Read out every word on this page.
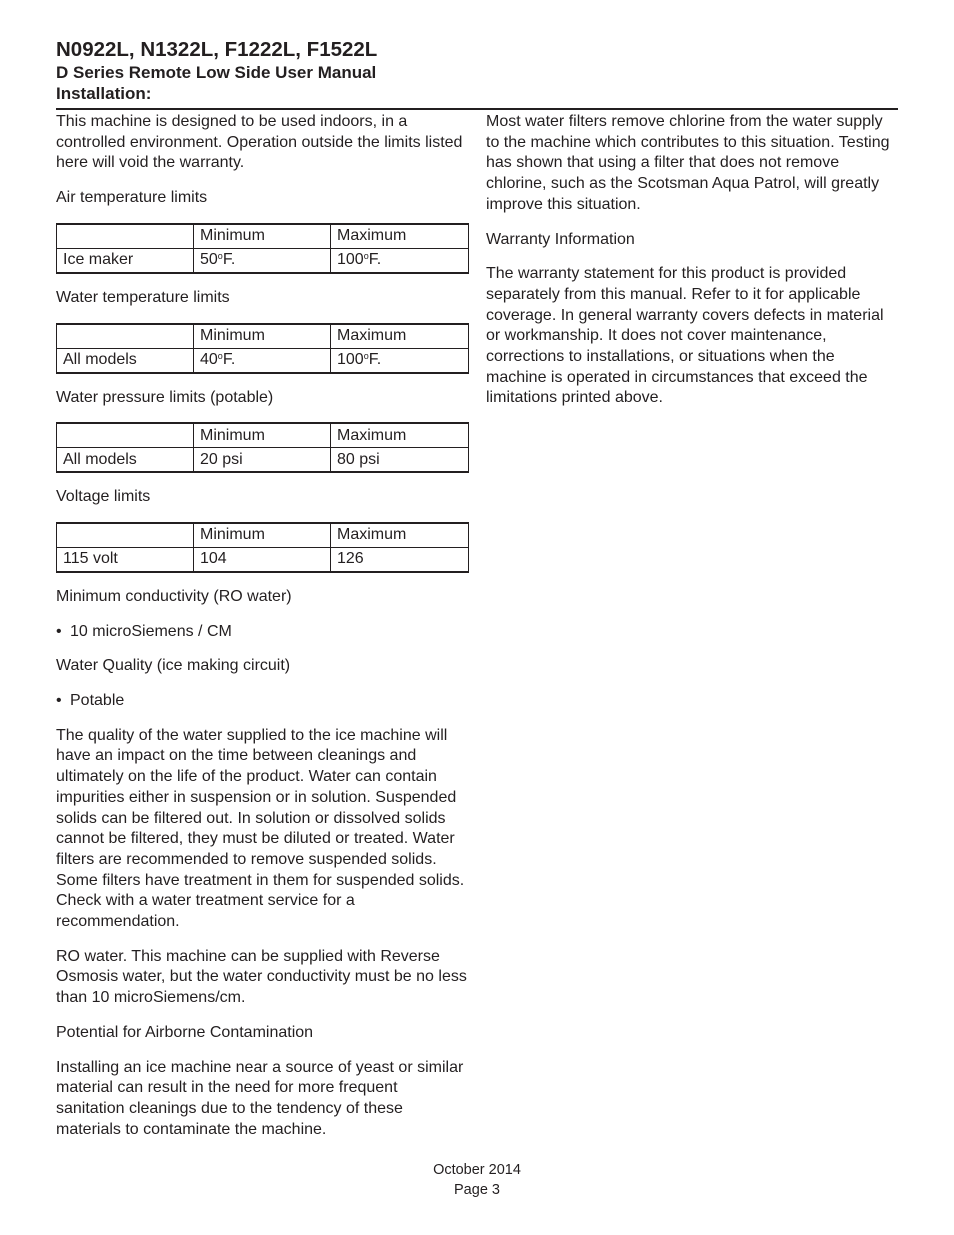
N0922L, N1322L, F1222L, F1522L
D Series Remote Low Side User Manual
Installation:

This machine is designed to be used indoors, in a controlled environment. Operation outside the limits listed here will void the warranty.

Air temperature limits

	Minimum	Maximum
Ice maker	50$^o$F.	100$^o$F.

Water temperature limits

	Minimum	Maximum
All models	40$^o$F.	100$^o$F.

Water pressure limits (potable)

	Minimum	Maximum
All models	20 psi	80 psi

Voltage limits

	Minimum	Maximum
115 volt	104	126

Minimum conductivity (RO water)

• 10 microSiemens / CM

Water Quality (ice making circuit)

• Potable

The quality of the water supplied to the ice machine will have an impact on the time between cleanings and ultimately on the life of the product. Water can contain impurities either in suspension or in solution. Suspended solids can be filtered out. In solution or dissolved solids cannot be filtered, they must be diluted or treated. Water filters are recommended to remove suspended solids. Some filters have treatment in them for suspended solids. Check with a water treatment service for a recommendation.

RO water. This machine can be supplied with Reverse Osmosis water, but the water conductivity must be no less than 10 microSiemens/cm.

Potential for Airborne Contamination

Installing an ice machine near a source of yeast or similar material can result in the need for more frequent sanitation cleanings due to the tendency of these materials to contaminate the machine.

Most water filters remove chlorine from the water supply to the machine which contributes to this situation. Testing has shown that using a filter that does not remove chlorine, such as the Scotsman Aqua Patrol, will greatly improve this situation.

Warranty Information

The warranty statement for this product is provided separately from this manual. Refer to it for applicable coverage. In general warranty covers defects in material or workmanship. It does not cover maintenance, corrections to installations, or situations when the machine is operated in circumstances that exceed the limitations printed above.

October 2014
Page 3
